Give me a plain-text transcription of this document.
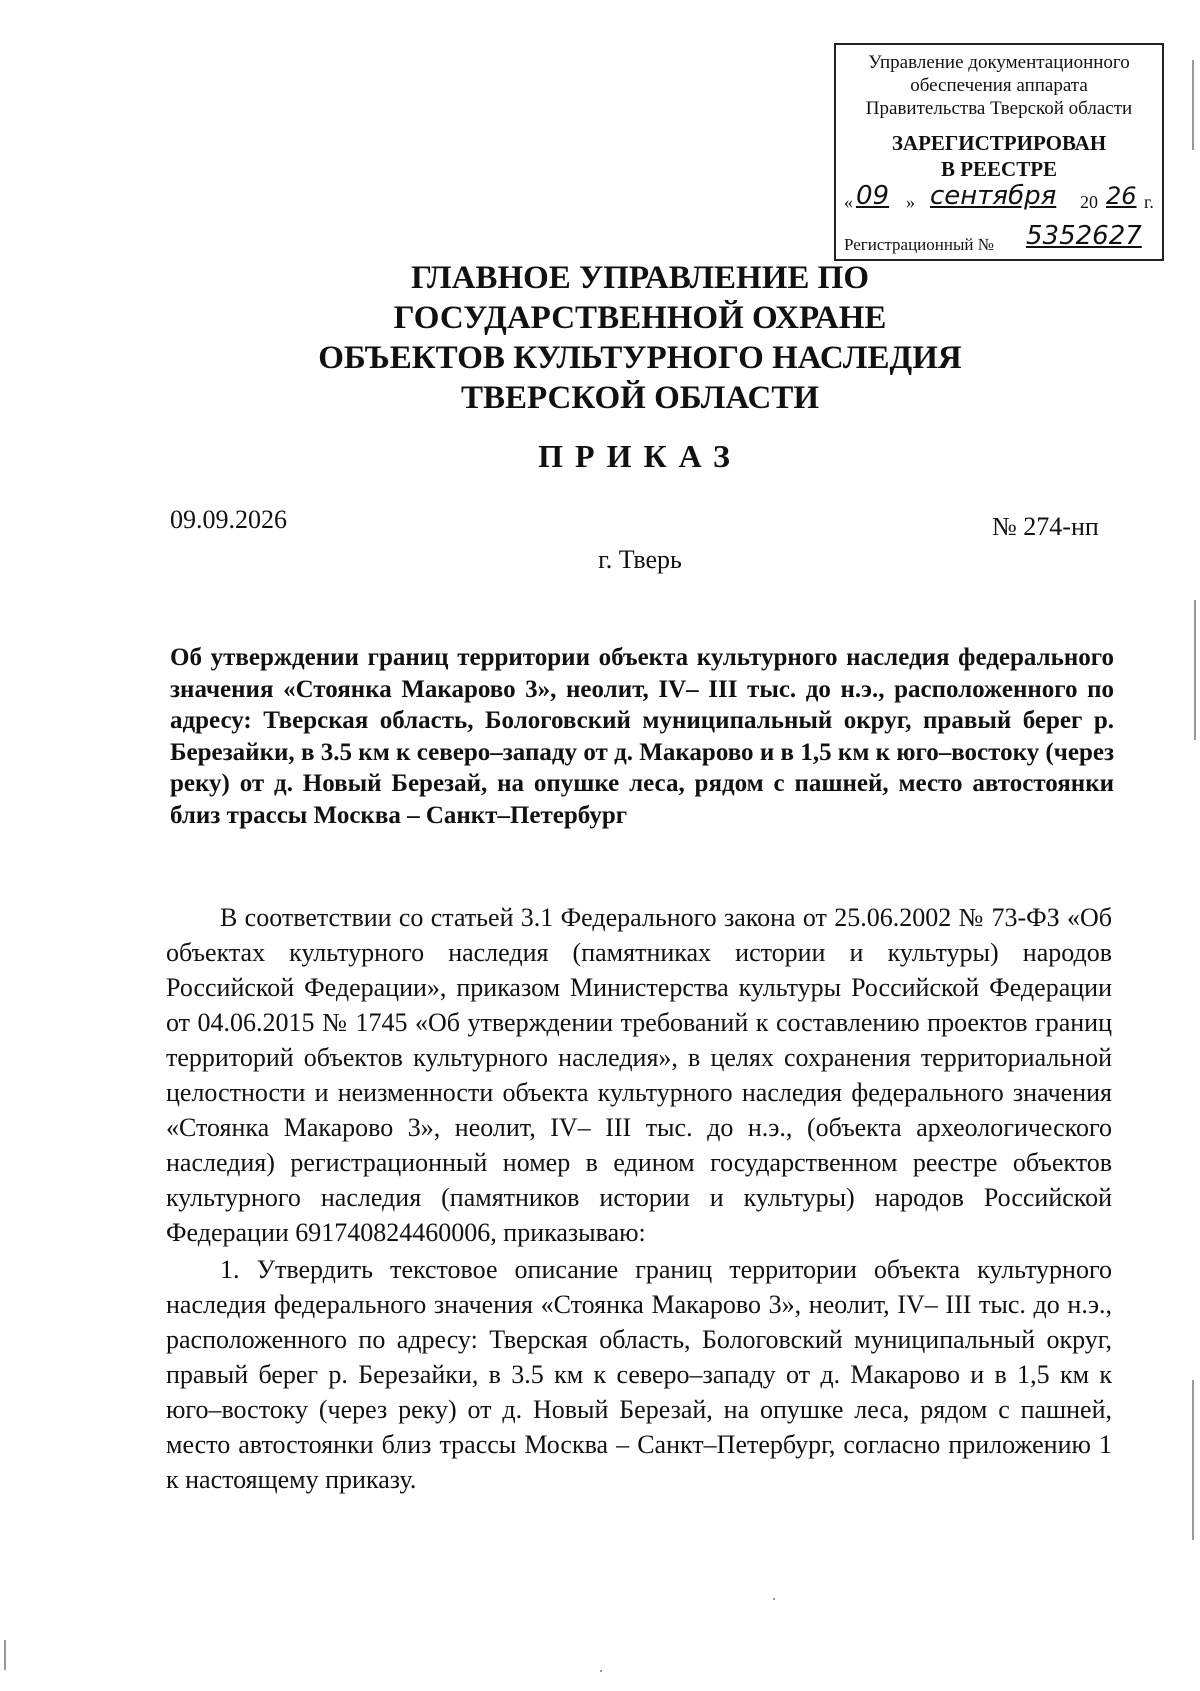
Управление документационного
обеспечения аппарата
Правительства Тверской области
ЗАРЕГИСТРИРОВАН
В РЕЕСТРЕ
« 09 » сентября 20 26 г.
Регистрационный № 5352627
ГЛАВНОЕ УПРАВЛЕНИЕ ПО
ГОСУДАРСТВЕННОЙ ОХРАНЕ
ОБЪЕКТОВ КУЛЬТУРНОГО НАСЛЕДИЯ
ТВЕРСКОЙ ОБЛАСТИ
ПРИКАЗ
09.09.2026	№ 274-нп
г. Тверь
Об утверждении границ территории объекта культурного наследия федерального значения «Стоянка Макарово 3», неолит, IV– III тыс. до н.э., расположенного по адресу: Тверская область, Бологовский муниципальный округ, правый берег р. Березайки, в 3.5 км к северо–западу от д. Макарово и в 1,5 км к юго–востоку (через реку) от д. Новый Березай, на опушке леса, рядом с пашней, место автостоянки близ трассы Москва – Санкт–Петербург

В соответствии со статьей 3.1 Федерального закона от 25.06.2002 № 73-ФЗ «Об объектах культурного наследия (памятниках истории и культуры) народов Российской Федерации», приказом Министерства культуры Российской Федерации от 04.06.2015 № 1745 «Об утверждении требований к составлению проектов границ территорий объектов культурного наследия», в целях сохранения территориальной целостности и неизменности объекта культурного наследия федерального значения «Стоянка Макарово 3», неолит, IV– III тыс. до н.э., (объекта археологического наследия) регистрационный номер в едином государственном реестре объектов культурного наследия (памятников истории и культуры) народов Российской Федерации 691740824460006, приказываю:

1. Утвердить текстовое описание границ территории объекта культурного наследия федерального значения «Стоянка Макарово 3», неолит, IV– III тыс. до н.э., расположенного по адресу: Тверская область, Бологовский муниципальный округ, правый берег р. Березайки, в 3.5 км к северо–западу от д. Макарово и в 1,5 км к юго–востоку (через реку) от д. Новый Березай, на опушке леса, рядом с пашней, место автостоянки близ трассы Москва – Санкт–Петербург, согласно приложению 1 к настоящему приказу.
